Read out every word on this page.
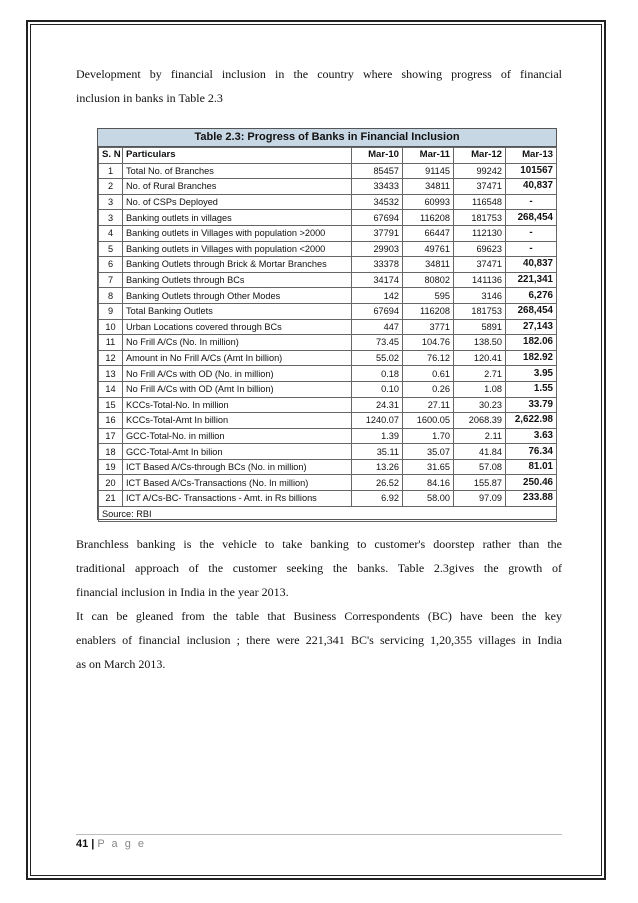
Development by financial inclusion in the country where showing progress of financial
inclusion in banks in Table 2.3
Table 2.3: Progress of Banks in Financial Inclusion
S. N	Particulars	Mar-10	Mar-11	Mar-12	Mar-13
1	Total No. of Branches	85457	91145	99242	101567
2	No. of Rural Branches	33433	34811	37471	40,837
3	No. of CSPs Deployed	34532	60993	116548	-
3	Banking outlets in villages	67694	116208	181753	268,454
4	Banking outlets in Villages with population >2000	37791	66447	112130	-
5	Banking outlets in Villages with population <2000	29903	49761	69623	-
6	Banking Outlets through Brick & Mortar Branches	33378	34811	37471	40,837
7	Banking Outlets through BCs	34174	80802	141136	221,341
8	Banking Outlets through Other Modes	142	595	3146	6,276
9	Total Banking Outlets	67694	116208	181753	268,454
10	Urban Locations covered through BCs	447	3771	5891	27,143
11	No Frill A/Cs (No. In million)	73.45	104.76	138.50	182.06
12	Amount in No Frill A/Cs (Amt In billion)	55.02	76.12	120.41	182.92
13	No Frill A/Cs with OD (No. in million)	0.18	0.61	2.71	3.95
14	No Frill A/Cs with OD (Amt In billion)	0.10	0.26	1.08	1.55
15	KCCs-Total-No. In million	24.31	27.11	30.23	33.79
16	KCCs-Total-Amt In billion	1240.07	1600.05	2068.39	2,622.98
17	GCC-Total-No. in million	1.39	1.70	2.11	3.63
18	GCC-Total-Amt In bilion	35.11	35.07	41.84	76.34
19	ICT Based A/Cs-through BCs (No. in million)	13.26	31.65	57.08	81.01
20	ICT Based A/Cs-Transactions (No. In million)	26.52	84.16	155.87	250.46
21	ICT A/Cs-BC- Transactions - Amt. in Rs billions	6.92	58.00	97.09	233.88
Source: RBI					
Branchless banking is the vehicle to take banking to customer's doorstep rather than the
traditional approach of the customer seeking the banks. Table 2.3gives the growth of
financial inclusion in India in the year 2013.
It can be gleaned from the table that Business Correspondents (BC) have been the key
enablers of financial inclusion ; there were 221,341 BC's servicing 1,20,355 villages in India
as on March 2013.
41 | P a g e
